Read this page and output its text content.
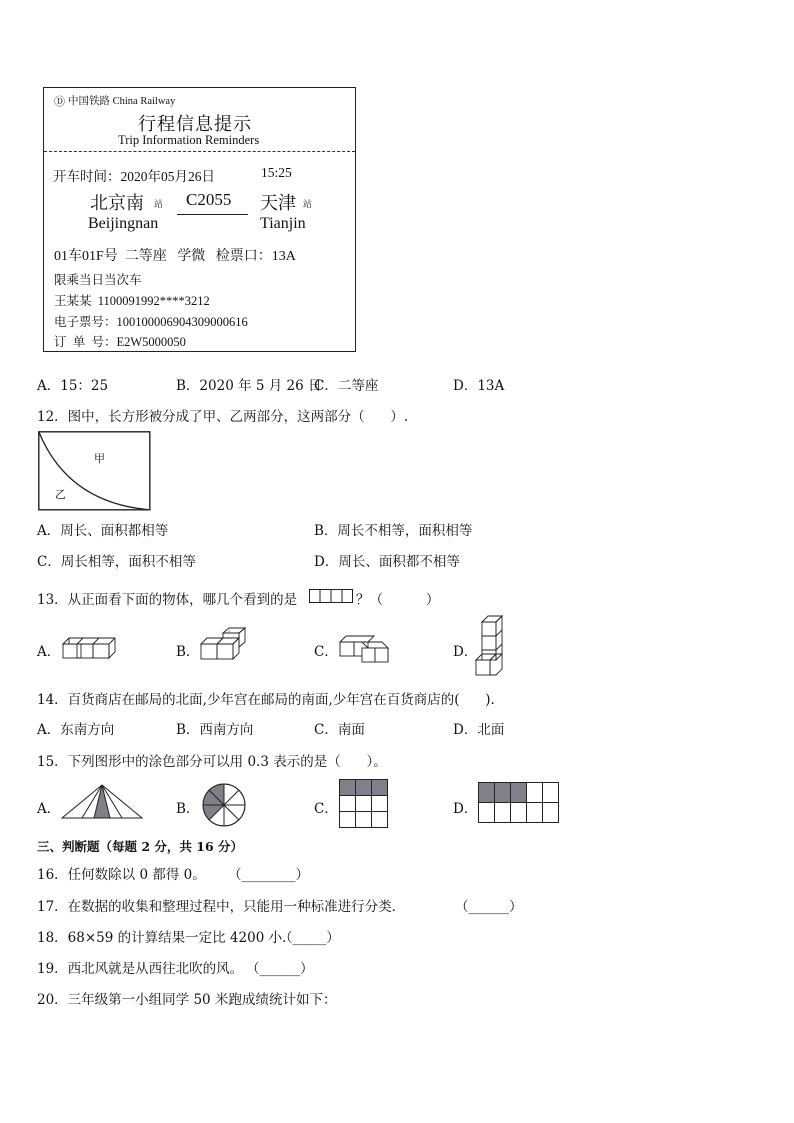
Ⓓ 中国铁路 China Railway
行程信息提示
Trip Information Reminders
开车时间：2020年05月26日	15:25
北京南 站 C2055 天津 站
Beijingnan	Tianjin
01车01F号  二等座   学微   检票口：13A
限乘当日当次车
王某某  1100091992****3212
电子票号：10010000690430900​0616
订  单  号：E2W5000050
A．15：25	B．2020 年 5 月 26 日
C．二等座	D．13A
12．图中，长方形被分成了甲、乙两部分，这两部分（      ）.
甲
乙
A．周长、面积都相等	B．周长不相等，面积相等
C．周长相等，面积不相等	D．周长、面积都不相等
13．从正面看下面的物体，哪几个看到的是	？（          ）
A．	B．	C．	D．
14．百货商店在邮局的北面,少年宫在邮局的南面,少年宫在百货商店的(      ).
A．东南方向	B．西南方向	C．南面	D．北面
15．下列图形中的涂色部分可以用 0.3 表示的是（      ）。
A．	B．	C．	D．
三、判断题（每题 2 分，共 16 分）
16．任何数除以 0 都得 0。 （________）
17．在数据的收集和整理过程中，只能用一种标准进行分类．	（______）
18．68×59 的计算结果一定比 4200 小．
（_____）
19．西北风就是从西往北吹的风。 （______）
20．三年级第一小组同学 50 米跑成绩统计如下：
